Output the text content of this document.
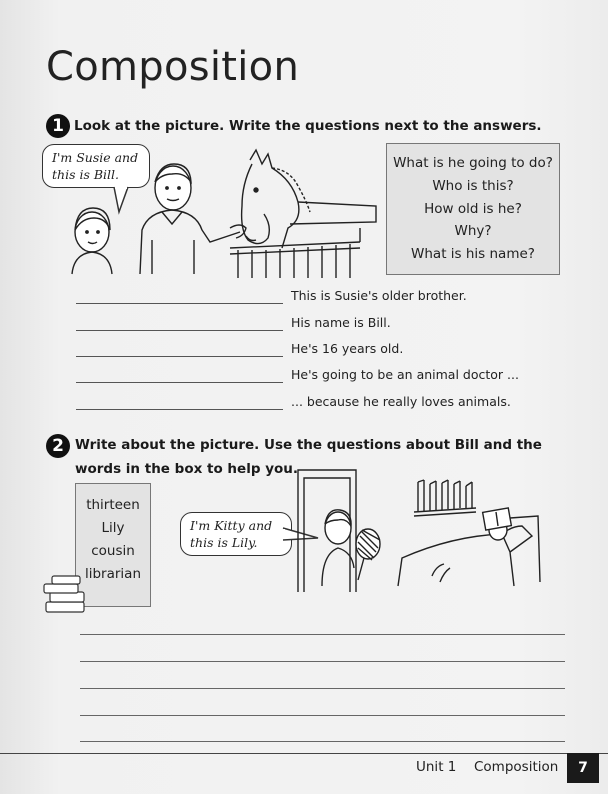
Composition
1 Look at the picture. Write the questions next to the answers.
I'm Susie and
this is Bill.
What is he going to do?
Who is this?
How old is he?
Why?
What is his name?
This is Susie's older brother.
His name is Bill.
He's 16 years old.
He's going to be an animal doctor ...
... because he really loves animals.
2 Write about the picture. Use the questions about Bill and the
words in the box to help you.
thirteen
Lily
cousin
librarian
I'm Kitty and
this is Lily.
Unit 1 Composition	7
